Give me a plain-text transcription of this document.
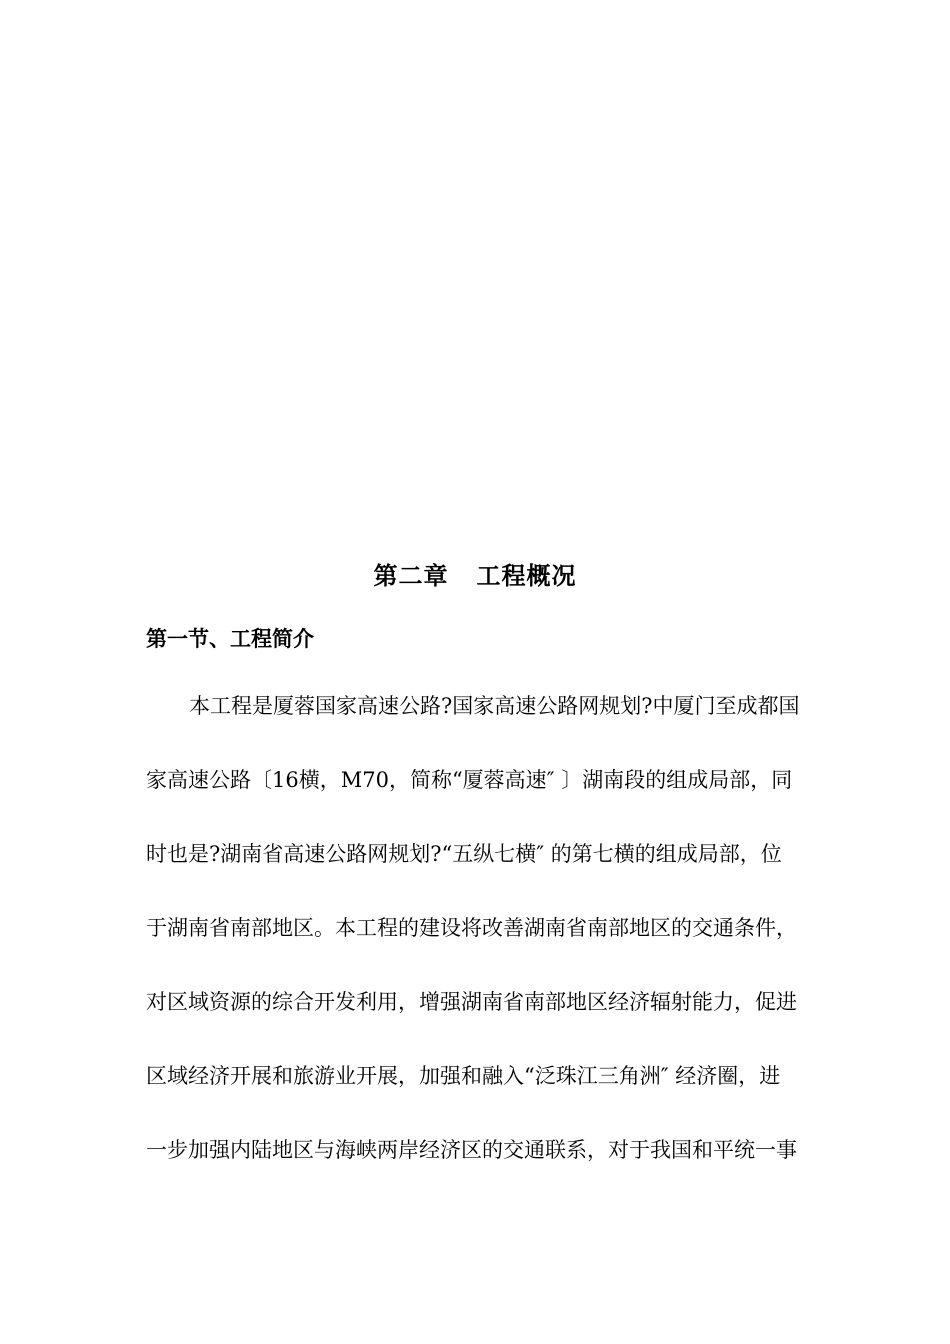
第二章 工程概况
第一节、工程简介
本工程是厦蓉国家高速公路?国家高速公路网规划?中厦门至成都国
家高速公路〔16横，M70，简称“厦蓉高速″ 〕湖南段的组成局部，同
时也是?湖南省高速公路网规划?“五纵七横″ 的第七横的组成局部，位
于湖南省南部地区。本工程的建设将改善湖南省南部地区的交通条件，
对区域资源的综合开发利用，增强湖南省南部地区经济辐射能力，促进
区域经济开展和旅游业开展，加强和融入“泛珠江三角洲″ 经济圈，进
一步加强内陆地区与海峡两岸经济区的交通联系，对于我国和平统一事
